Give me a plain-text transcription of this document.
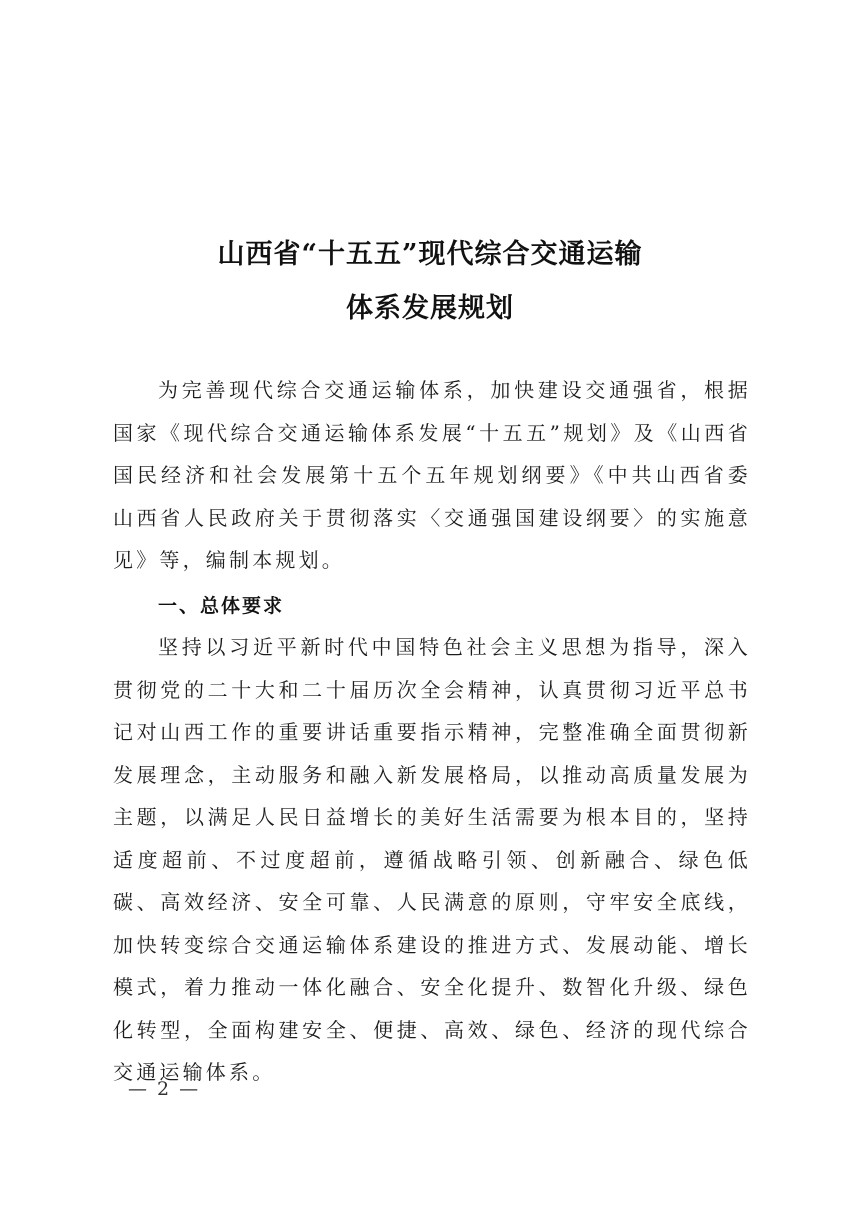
山西省“十五五”现代综合交通运输
体系发展规划

为完善现代综合交通运输体系，加快建设交通强省，根据国家《现代综合交通运输体系发展“十五五”规划》及《山西省国民经济和社会发展第十五个五年规划纲要》《中共山西省委　山西省人民政府关于贯彻落实〈交通强国建设纲要〉的实施意见》等，编制本规划。

一、总体要求

坚持以习近平新时代中国特色社会主义思想为指导，深入贯彻党的二十大和二十届历次全会精神，认真贯彻习近平总书记对山西工作的重要讲话重要指示精神，完整准确全面贯彻新发展理念，主动服务和融入新发展格局，以推动高质量发展为主题，以满足人民日益增长的美好生活需要为根本目的，坚持适度超前、不过度超前，遵循战略引领、创新融合、绿色低碳、高效经济、安全可靠、人民满意的原则，守牢安全底线，加快转变综合交通运输体系建设的推进方式、发展动能、增长模式，着力推动一体化融合、安全化提升、数智化升级、绿色化转型，全面构建安全、便捷、高效、绿色、经济的现代综合交通运输体系。

— 2 —
